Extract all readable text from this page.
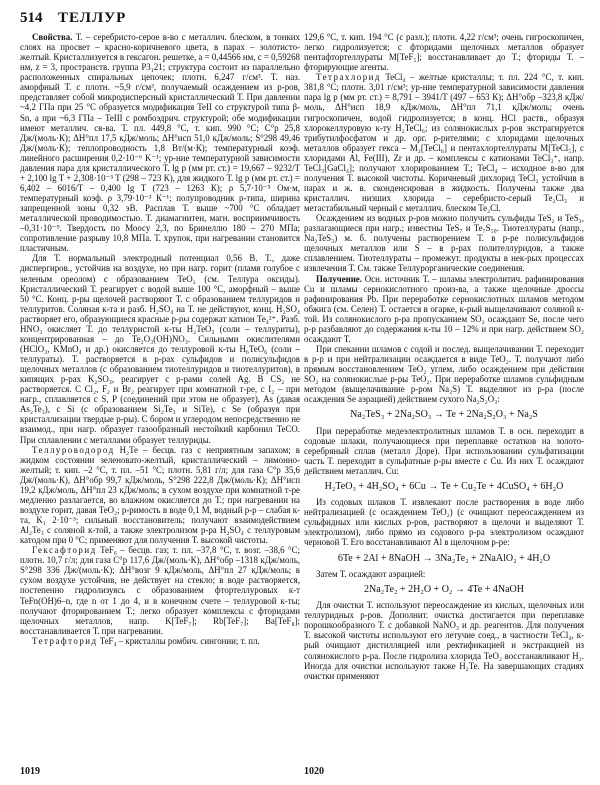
514 ТЕЛЛУР

Свойства. Т. – серебристо-серое в-во с металлич. блеском, в тонких слоях на просвет – красно-коричневого цвета, в парах – золотисто-желтый. Кристаллизуется в гексагон. решетке, a = 0,44566 нм, c = 0,59268 нм, z = 3, пространств. группа P3₁21; структура состоит из параллельно расположенных спиральных цепочек; плотн. 6,247 г/см³. Т. наз. аморфный Т. с плотн. ~5,9 г/см³, получаемый осаждением из р-ров, представляет собой микродисперсный кристаллический Т. При давлении ~4,2 ГПа при 25 °C образуется модификация TeII со структурой типа β-Sn, а при ~6,3 ГПа – TeIII с ромбоэдрич. структурой; обе модификации имеют металлич. св-ва. Т. пл. 449,8 °C, т. кип. 990 °C; C°p 25,8 Дж/(моль·К); ΔH°пл 17,5 кДж/моль; ΔH°исп 51,0 кДж/моль; S°298 49,46 Дж/(моль·К); теплопроводность 1,8 Вт/(м·К); температурный коэф. линейного расширения 0,2·10⁻⁶ K⁻¹; ур-ние температурной зависимости давления пара для кристаллического Т. lg p (мм рт. ст.) = 19,667 – 9232/T + 2,100 lg T + 2,308·10⁻³ T (298 – 723 К), для жидкого Т. lg p (мм рт. ст.) = 6,402 – 6016/T – 0,400 lg T (723 – 1263 К); ρ 5,7·10⁻⁵ Ом·м, температурный коэф. ρ 3,79·10⁻³ К⁻¹; полупроводник p-типа, ширина запрещенной зоны 0,32 эВ. Расплав Т. выше ~700 °C обладает металлической проводимостью. Т. диамагнитен, магн. восприимчивость –0,31·10⁻⁹. Твердость по Моосу 2,3, по Бринеллю 180 – 270 МПа; сопротивление разрыву 10,8 МПа. Т. хрупок, при нагревании становится пластичным.

Для Т. нормальный электродный потенциал 0,56 В. Т., даже диспергиров., устойчив на воздухе, но при нагр. горит (пламя голубое с зеленым ореолом) с образованием TeO₂ (см. Теллура оксиды). Кристаллический Т. реагирует с водой выше 100 °C, аморфный – выше 50 °C. Конц. р-ры щелочей растворяют Т. с образованием теллуридов и теллуритов. Соляная к-та и разб. H₂SO₄ на Т. не действуют, конц. H₂SO₄ растворяет его, образующиеся красные р-ры содержат катион Te₄²⁺. Разб. HNO₃ окисляет Т. до теллуристой к-ты H₂TeO₃ (соли – теллуриты), концентрированная – до Te₂O₃(OH)NO₃. Сильными окислителями (HClO₃, KMnO₄ и др.) окисляется до теллуровой к-ты H₆TeO₆ (соли – теллураты). Т. растворяется в р-рах сульфидов и полисульфидов щелочных металлов (с образованием тиотеллуридов и тиотеллуритов), в кипящих р-рах K₂SO₃, реагирует с р-рами солей Ag. В CS₂ не растворяется. С Cl₂, F₂ и Br₂ реагирует при комнатной т-ре, с I₂ – при нагр., сплавляется с S, P (соединений при этом не образует), As (давая As₂Te₃), с Si (с образованием Si₂Te₃ и SiTe), с Se (образуя при кристаллизации твердые р-ры). С бором и углеродом непосредственно не взаимод., при нагр. образует газообразный нестойкий карбонил TeCO. При сплавлении с металлами образует теллуриды.

Теллуроводород H₂Te – бесцв. газ с неприятным запахом; в жидком состоянии зеленовато-желтый, кристаллический – лимонно-желтый; т. кип. –2 °C, т. пл. –51 °C; плотн. 5,81 г/л; для газа C°p 35,6 Дж/(моль·К), ΔH°обр 99,7 кДж/моль, S°298 222,8 Дж/(моль·К); ΔH°исп 19,2 кДж/моль, ΔH°пл 23 кДж/моль; в сухом воздухе при комнатной т-ре медленно разлагается, во влажном окисляется до Т.; при нагревании на воздухе горит, давая TeO₂; р-римость в воде 0,1 М, водный р-р – слабая к-та, K₁ 2·10⁻³; сильный восстановитель; получают взаимодействием Al₂Te₃ с соляной к-той, а также электролизом р-ра H₂SO₄ с теллуровым катодом при 0 °C; применяют для получения Т. высокой чистоты.

Гексафторид TeF₆ – бесцв. газ; т. пл. –37,8 °C, т. возг. –38,6 °C; плотн. 10,7 г/л; для газа C°p 117,6 Дж/(моль·К), ΔH°обр –1318 кДж/моль, S°298 336 Дж/(моль·К); ΔH°возг 9 кДж/моль, ΔH°пл 27 кДж/моль; в сухом воздухе устойчив, не действует на стекло; в воде растворяется, постепенно гидролизуясь с образованием фтортеллуровых к-т TeFn(OH)6–n, где n от 1 до 4, и в конечном счете – теллуровой к-ты; получают фторированием Т.; легко образует комплексы с фторидами щелочных металлов, напр. K[TeF₇]; Rb[TeF₇]; Ba[TeF₈]; восстанавливается Т. при нагревании.

Тетрафторид TeF₄ – кристаллы ромбич. сингонии; т. пл.

129,6 °C, т. кип. 194 °C (с разл.); плотн. 4,22 г/см³; очень гигроскопичен, легко гидролизуется; с фторидами щелочных металлов образует пентафтортеллураты M[TeF₅]; восстанавливает до Т.; фториды Т. – фторирующие агенты.

Тетрахлорид TeCl₄ – желтые кристаллы; т. пл. 224 °C, т. кип. 381,8 °C; плотн. 3,01 г/см³; ур-ние температурной зависимости давления пара lg p (мм рт. ст.) = 8,791 – 3941/T (497 – 653 К); ΔH°обр –323,8 кДж/моль, ΔH°исп 18,9 кДж/моль, ΔH°пл 71,1 кДж/моль; очень гигроскопичен, водой гидролизуется; в конц. HCl раств., образуя хлорокеллуровую к-ту H₂TeCl₆; из солянокислых р-ров экстрагируется трибутилфосфатом и др. орг. р-рителями; с хлоридами щелочных металлов образует гекса – M₂[TeCl₆] и пентахлортеллураты M[TeCl₅], с хлоридами Al, Fe(III), Zr и др. – комплексы с катионами TeCl₃⁺, напр. TeCl₃[GaCl₄]; получают хлорированием Т.; TeCl₄ – исходное в-во для получения Т. высокой чистоты. Коричневый дихлорид TeCl₂ устойчив в парах и ж. в. сконденсирован в жидкость. Получены также два кристаллич. низших хлорида – серебристо-серый Te₂Cl₃ и метастабильный черный с металлич. блеском Te₂Cl.

Осаждением из водных р-ров можно получить сульфиды TeS₂ и TeS₃, разлагающиеся при нагр.; известны TeS₇ и Te₇S₁₀. Тиотеллураты (напр., Na₂TeS₃) м. б. получены растворением Т. в р-ре полисульфидов щелочных металлов или S – в р-рах полителлуридов, а также сплавлением. Тиотеллураты – промежут. продукты в нек-рых процессах извлечения Т. См. также Теллурорганические соединения.

Получение. Осн. источник Т. – шламы электролитич. рафинирования Cu и шламы сернокислотного произ-ва, а также щелочные дроссы рафинирования Pb. При переработке сернокислотных шламов методом обжига (см. Селен) Т. остается в огарке, к-рый выщелачивают соляной к-той. Из солянокислого р-ра пропусканием SO₂ осаждают Se, после чего р-р разбавляют до содержания к-ты 10 – 12% и при нагр. действием SO₂ осаждают Т.

При спекании шламов с содой и послед. выщелачивании Т. переходит в р-р и при нейтрализации осаждается в виде TeO₂. Т. получают либо прямым восстановлением TeO₂ углем, либо осаждением при действии SO₂ на солянокислые р-ры TeO₂. При переработке шламов сульфидным методом (выщелачивание р-ром Na₂S) Т. выделяют из р-ра (после осаждения Se аэрацией) действием сухого Na₂S₂O₃:

Na₂TeS₃ + 2Na₂SO₃ → Te + 2Na₂S₂O₃ + Na₂S

При переработке медеэлектролитных шламов Т. в осн. переходит в содовые шлаки, получающиеся при переплавке остатков на золото-серебряный сплав (металл Доре). При использовании сульфатизации часть Т. переходит в сульфатные р-ры вместе с Cu. Из них Т. осаждают действием металлич. Cu:

H₂TeO₃ + 4H₂SO₄ + 6Cu → Te + Cu₂Te + 4CuSO₄ + 6H₂O

Из содовых шлаков Т. извлекают после растворения в воде либо нейтрализацией (с осаждением TeO₂) (с очищают переосаждением из сульфидных или кислых р-ров, растворяют в щелочи и выделяют Т. электролизом), либо прямо из содового р-ра электролизом осаждают черновой Т. Его восстанавливают Al в щелочном р-ре:

6Te + 2Al + 8NaOH → 3Na₂Te₂ + 2NaAlO₂ + 4H₂O

Затем Т. осаждают аэрацией:

2Na₂Te₂ + 2H₂O + O₂ → 4Te + 4NaOH

Для очистки Т. используют переосаждение из кислых, щелочных или теллуридных р-ров. Дополнит. очистка достигается при переплавке порошкообразного Т. с добавкой NaNO₃ и др. реагентов. Для получения Т. высокой чистоты используют его летучие соед., в частности TeCl₄, к-рый очищают дистилляцией или ректификацией и экстракцией из солянокислого р-ра. После гидролиза хлорида TeO₂ восстанавливают H₂. Иногда для очистки используют также H₂Te. На завершающих стадиях очистки применяют

1019	1020
